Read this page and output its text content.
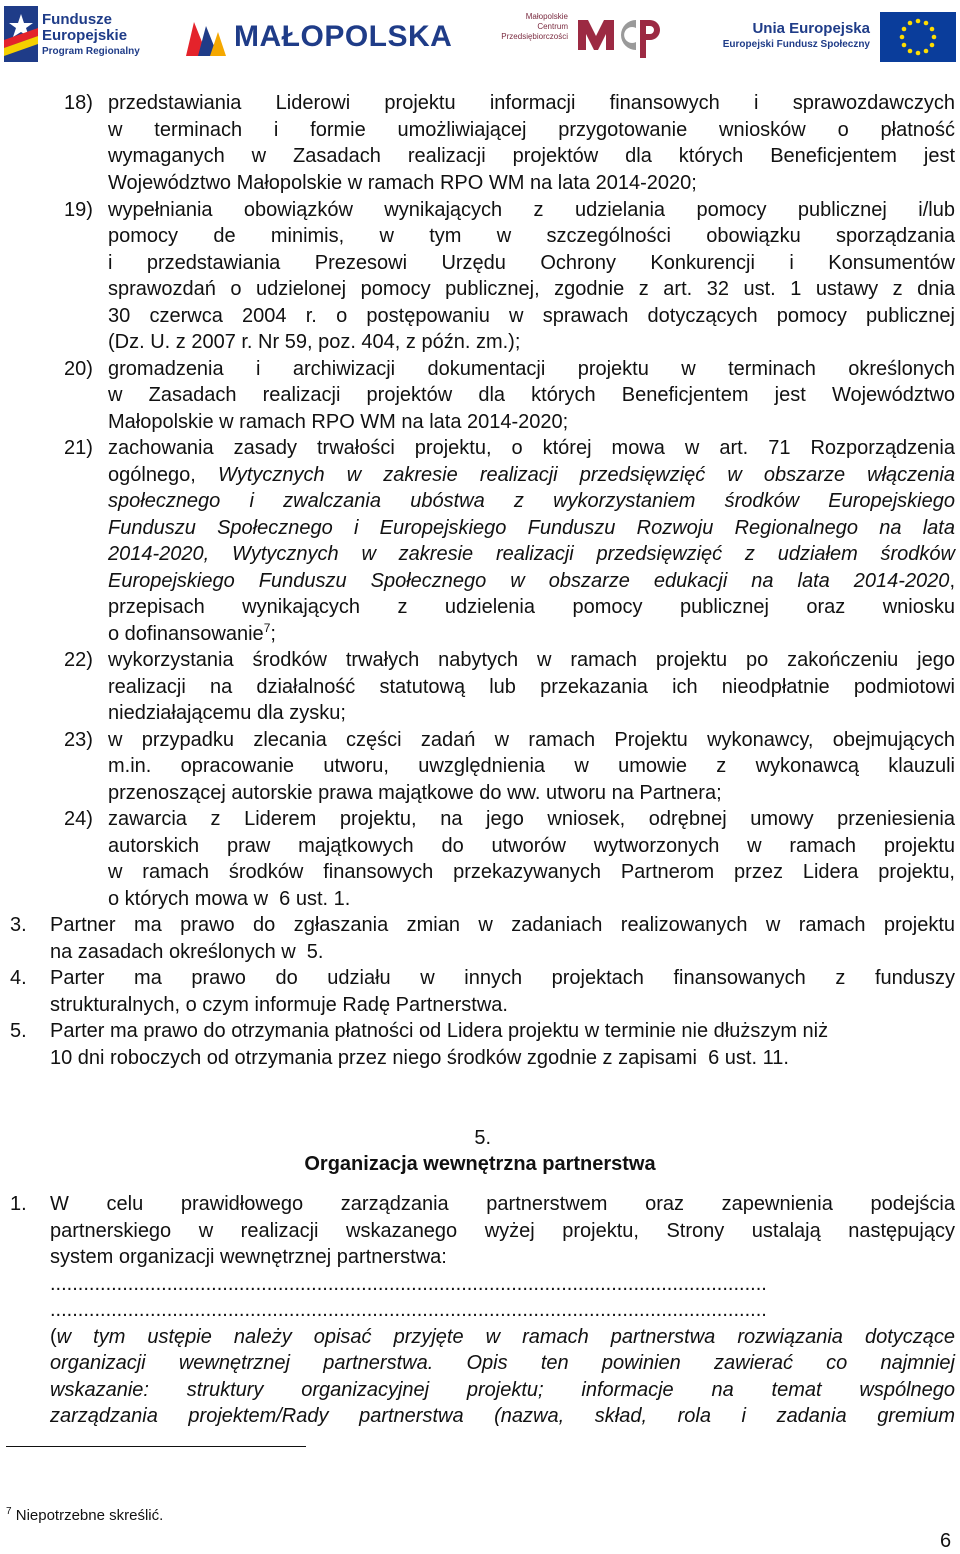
Fundusze
Europejskie
Program Regionalny	MAŁOPOLSKA
Małopolskie
Centrum
Przedsiębiorczości	Unia Europejska
Europejski Fundusz Społeczny
18) przedstawiania Liderowi projektu informacji finansowych i sprawozdawczych
w terminach i formie umożliwiającej przygotowanie wniosków o płatność
wymaganych w Zasadach realizacji projektów dla których Beneficjentem jest
Województwo Małopolskie w ramach RPO WM na lata 2014-2020;
19) wypełniania obowiązków wynikających z udzielania pomocy publicznej i/lub
pomocy de minimis, w tym w szczególności obowiązku sporządzania
i przedstawiania Prezesowi Urzędu Ochrony Konkurencji i Konsumentów
sprawozdań o udzielonej pomocy publicznej, zgodnie z art. 32 ust. 1 ustawy z dnia
30 czerwca 2004 r. o postępowaniu w sprawach dotyczących pomocy publicznej
(Dz. U. z 2007 r. Nr 59, poz. 404, z późn. zm.);
20) gromadzenia i archiwizacji dokumentacji projektu w terminach określonych
w Zasadach realizacji projektów dla których Beneficjentem jest Województwo
Małopolskie w ramach RPO WM na lata 2014-2020;
21) zachowania zasady trwałości projektu, o której mowa w art. 71 Rozporządzenia
ogólnego, Wytycznych w zakresie realizacji przedsięwzięć w obszarze włączenia
społecznego i zwalczania ubóstwa z wykorzystaniem środków Europejskiego
Funduszu Społecznego i Europejskiego Funduszu Rozwoju Regionalnego na lata
2014-2020, Wytycznych w zakresie realizacji przedsięwzięć z udziałem środków
Europejskiego Funduszu Społecznego w obszarze edukacji na lata 2014-2020,
przepisach wynikających z udzielenia pomocy publicznej oraz wniosku
o dofinansowanie$^7$;
22) wykorzystania środków trwałych nabytych w ramach projektu po zakończeniu jego
realizacji na działalność statutową lub przekazania ich nieodpłatnie podmiotowi
niedziałającemu dla zysku;
23) w przypadku zlecania części zadań w ramach Projektu wykonawcy, obejmujących
m.in. opracowanie utworu, uwzględnienia w umowie z wykonawcą klauzuli
przenoszącej autorskie prawa majątkowe do ww. utworu na Partnera;
24) zawarcia z Liderem projektu, na jego wniosek, odrębnej umowy przeniesienia
autorskich praw majątkowych do utworów wytworzonych w ramach projektu
w ramach środków finansowych przekazywanych Partnerom przez Lidera projektu,
o których mowa w  6 ust. 1.
3. Partner ma prawo do zgłaszania zmian w zadaniach realizowanych w ramach projektu
na zasadach określonych w  5.
4. Parter ma prawo do udziału w innych projektach finansowanych z funduszy
strukturalnych, o czym informuje Radę Partnerstwa.
5. Parter ma prawo do otrzymania płatności od Lidera projektu w terminie nie dłuższym niż
10 dni roboczych od otrzymania przez niego środków zgodnie z zapisami  6 ust. 11.
5.
Organizacja wewnętrzna partnerstwa
1. W celu prawidłowego zarządzania partnerstwem oraz zapewnienia podejścia
partnerskiego w realizacji wskazanego wyżej projektu, Strony ustalają następujący
system organizacji wewnętrznej partnerstwa:
.................................................................................................................................
.................................................................................................................................
(w tym ustępie należy opisać przyjęte w ramach partnerstwa rozwiązania dotyczące
organizacji wewnętrznej partnerstwa. Opis ten powinien zawierać co najmniej
wskazanie: struktury organizacyjnej projektu; informacje na temat wspólnego
zarządzania projektem/Rady partnerstwa (nazwa, skład, rola i zadania gremium
$^7$ Niepotrzebne skreślić.
6
